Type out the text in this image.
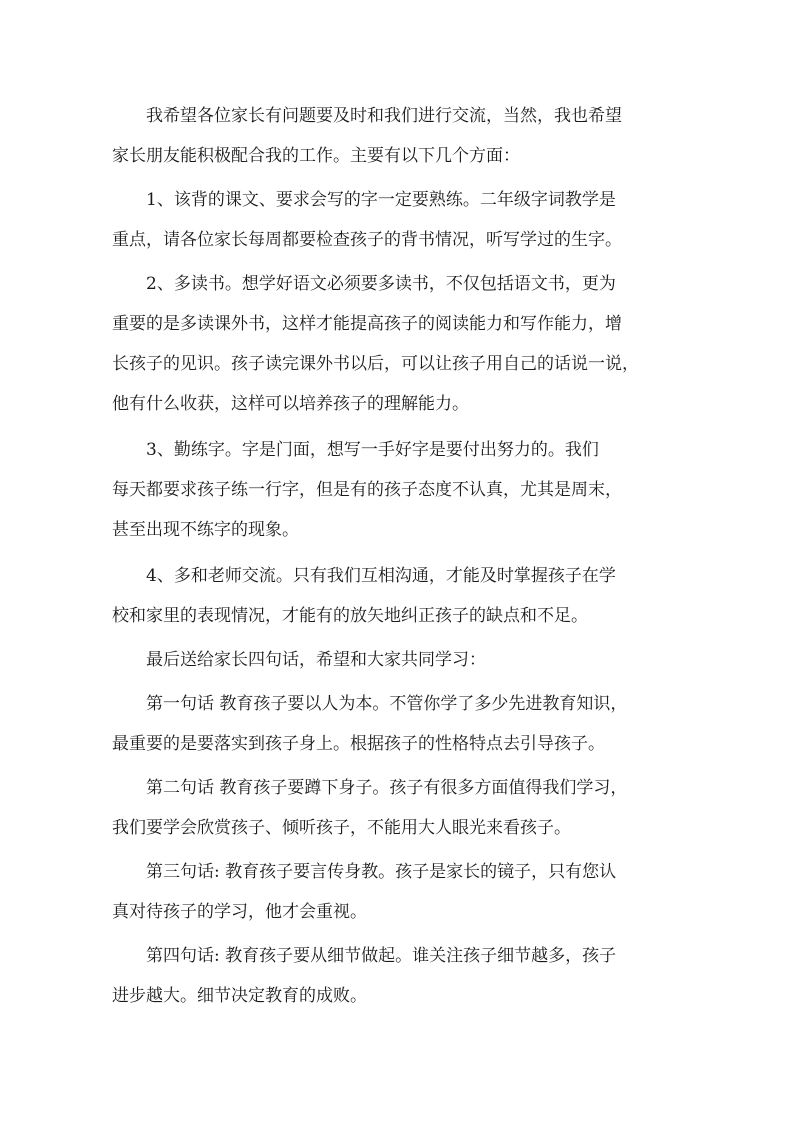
我希望各位家长有问题要及时和我们进行交流，当然，我也希望
家长朋友能积极配合我的工作。主要有以下几个方面：
1、该背的课文、要求会写的字一定要熟练。二年级字词教学是
重点，请各位家长每周都要检查孩子的背书情况，听写学过的生字。
2、多读书。想学好语文必须要多读书，不仅包括语文书，更为
重要的是多读课外书，这样才能提高孩子的阅读能力和写作能力，增
长孩子的见识。孩子读完课外书以后，可以让孩子用自己的话说一说，
他有什么收获，这样可以培养孩子的理解能力。
3、勤练字。字是门面，想写一手好字是要付出努力的。我们
每天都要求孩子练一行字，但是有的孩子态度不认真，尤其是周末，
甚至出现不练字的现象。
4、多和老师交流。只有我们互相沟通，才能及时掌握孩子在学
校和家里的表现情况，才能有的放矢地纠正孩子的缺点和不足。
最后送给家长四句话，希望和大家共同学习：
第一句话 教育孩子要以人为本。不管你学了多少先进教育知识，
最重要的是要落实到孩子身上。根据孩子的性格特点去引导孩子。
第二句话 教育孩子要蹲下身子。孩子有很多方面值得我们学习，
我们要学会欣赏孩子、倾听孩子，不能用大人眼光来看孩子。
第三句话: 教育孩子要言传身教。孩子是家长的镜子，只有您认
真对待孩子的学习，他才会重视。
第四句话: 教育孩子要从细节做起。谁关注孩子细节越多，孩子
进步越大。细节决定教育的成败。
